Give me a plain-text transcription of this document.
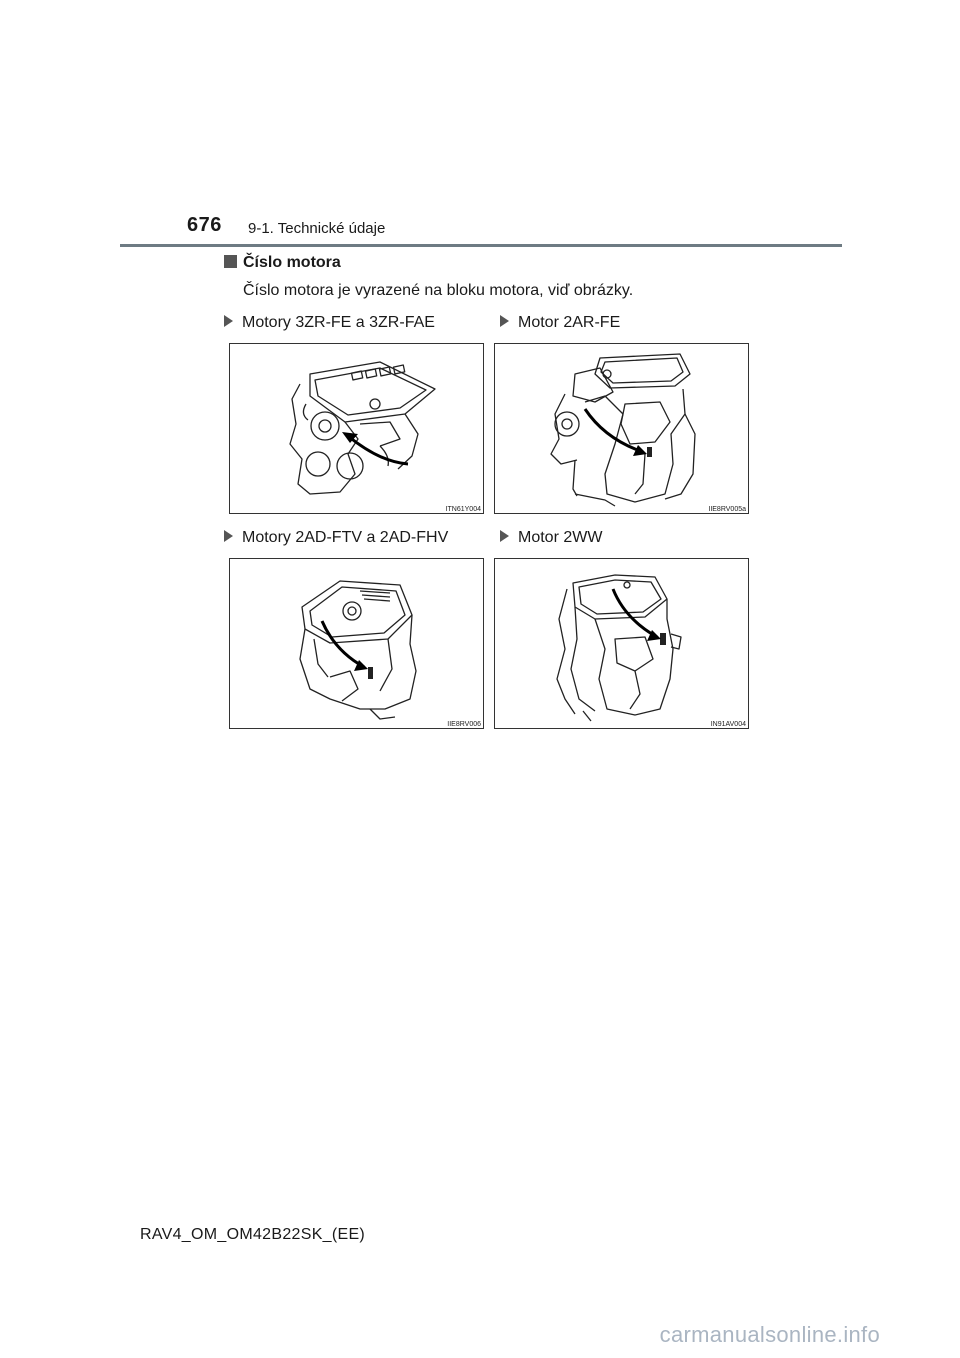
676 9-1. Technické údaje
Číslo motora
Číslo motora je vyrazené na bloku motora, viď obrázky.
Motory 3ZR-FE a 3ZR-FAE
ITN61Y004
Motor 2AR-FE
IIE8RV005a
Motory 2AD-FTV a 2AD-FHV
IIE8RV006
Motor 2WW
IN91AV004
RAV4_OM_OM42B22SK_(EE)
carmanualsonline.info
